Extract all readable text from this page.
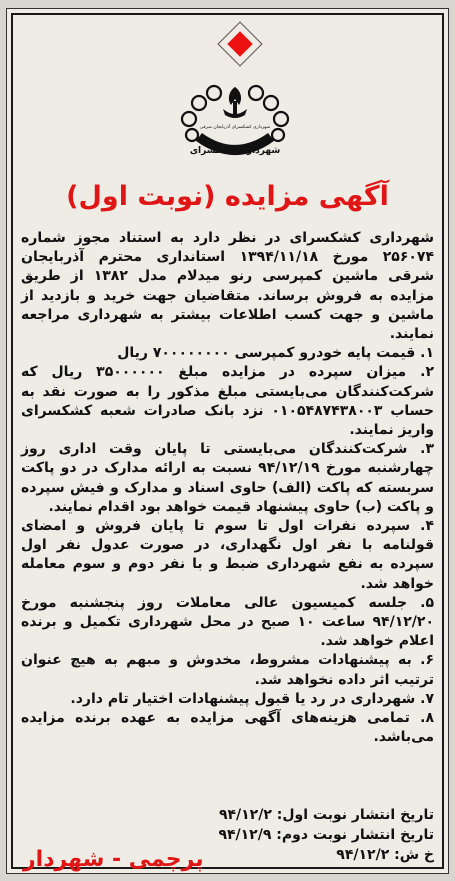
شهرداری کشکسرای
شهرداری کشکسرای آذربایجان شرقی
آگهی مزایده (نوبت اول)

شهرداری کشکسرای در نظر دارد به استناد مجوز شماره ۲۵۶۰۷۴ مورخ ۱۳۹۴/۱۱/۱۸ استانداری محترم آذربایجان شرقی ماشین کمپرسی رنو میدلام مدل ۱۳۸۲ از طریق مزایده به فروش برساند. متقاضیان جهت خرید و بازدید از ماشین و جهت کسب اطلاعات بیشتر به شهرداری مراجعه نمایند.

۱. قیمت پایه خودرو کمپرسی ۷۰۰۰۰۰۰۰۰ ریال

۲. میزان سپرده در مزایده مبلغ ۳۵۰۰۰۰۰۰ ریال که شرکت‌کنندگان می‌بایستی مبلغ مذکور را به صورت نقد به حساب ۰۱۰۵۴۸۷۴۳۸۰۰۳ نزد بانک صادرات شعبه کشکسرای واریز نمایند.

۳. شرکت‌کنندگان می‌بایستی تا پایان وقت اداری روز چهارشنبه مورخ ۹۴/۱۲/۱۹ نسبت به ارائه مدارک در دو پاکت سربسته که پاکت (الف) حاوی اسناد و مدارک و فیش سپرده و پاکت (ب) حاوی پیشنهاد قیمت خواهد بود اقدام نمایند.

۴. سپرده نفرات اول تا سوم تا پایان فروش و امضای قولنامه با نفر اول نگهداری، در صورت عدول نفر اول سپرده به نفع شهرداری ضبط و با نفر دوم و سوم معامله خواهد شد.

۵. جلسه کمیسیون عالی معاملات روز پنجشنبه مورخ ۹۴/۱۲/۲۰ ساعت ۱۰ صبح در محل شهرداری تکمیل و برنده اعلام خواهد شد.

۶. به پیشنهادات مشروط، مخدوش و مبهم به هیچ عنوان ترتیب اثر داده نخواهد شد.

۷. شهرداری در رد یا قبول پیشنهادات اختیار تام دارد.

۸. تمامی هزینه‌های آگهی مزایده به عهده برنده مزایده می‌باشد.

تاریخ انتشار نوبت اول: ۹۴/۱۲/۲
تاریخ انتشار نوبت دوم: ۹۴/۱۲/۹
خ ش: ۹۴/۱۲/۲
پرچمی - شهردار
